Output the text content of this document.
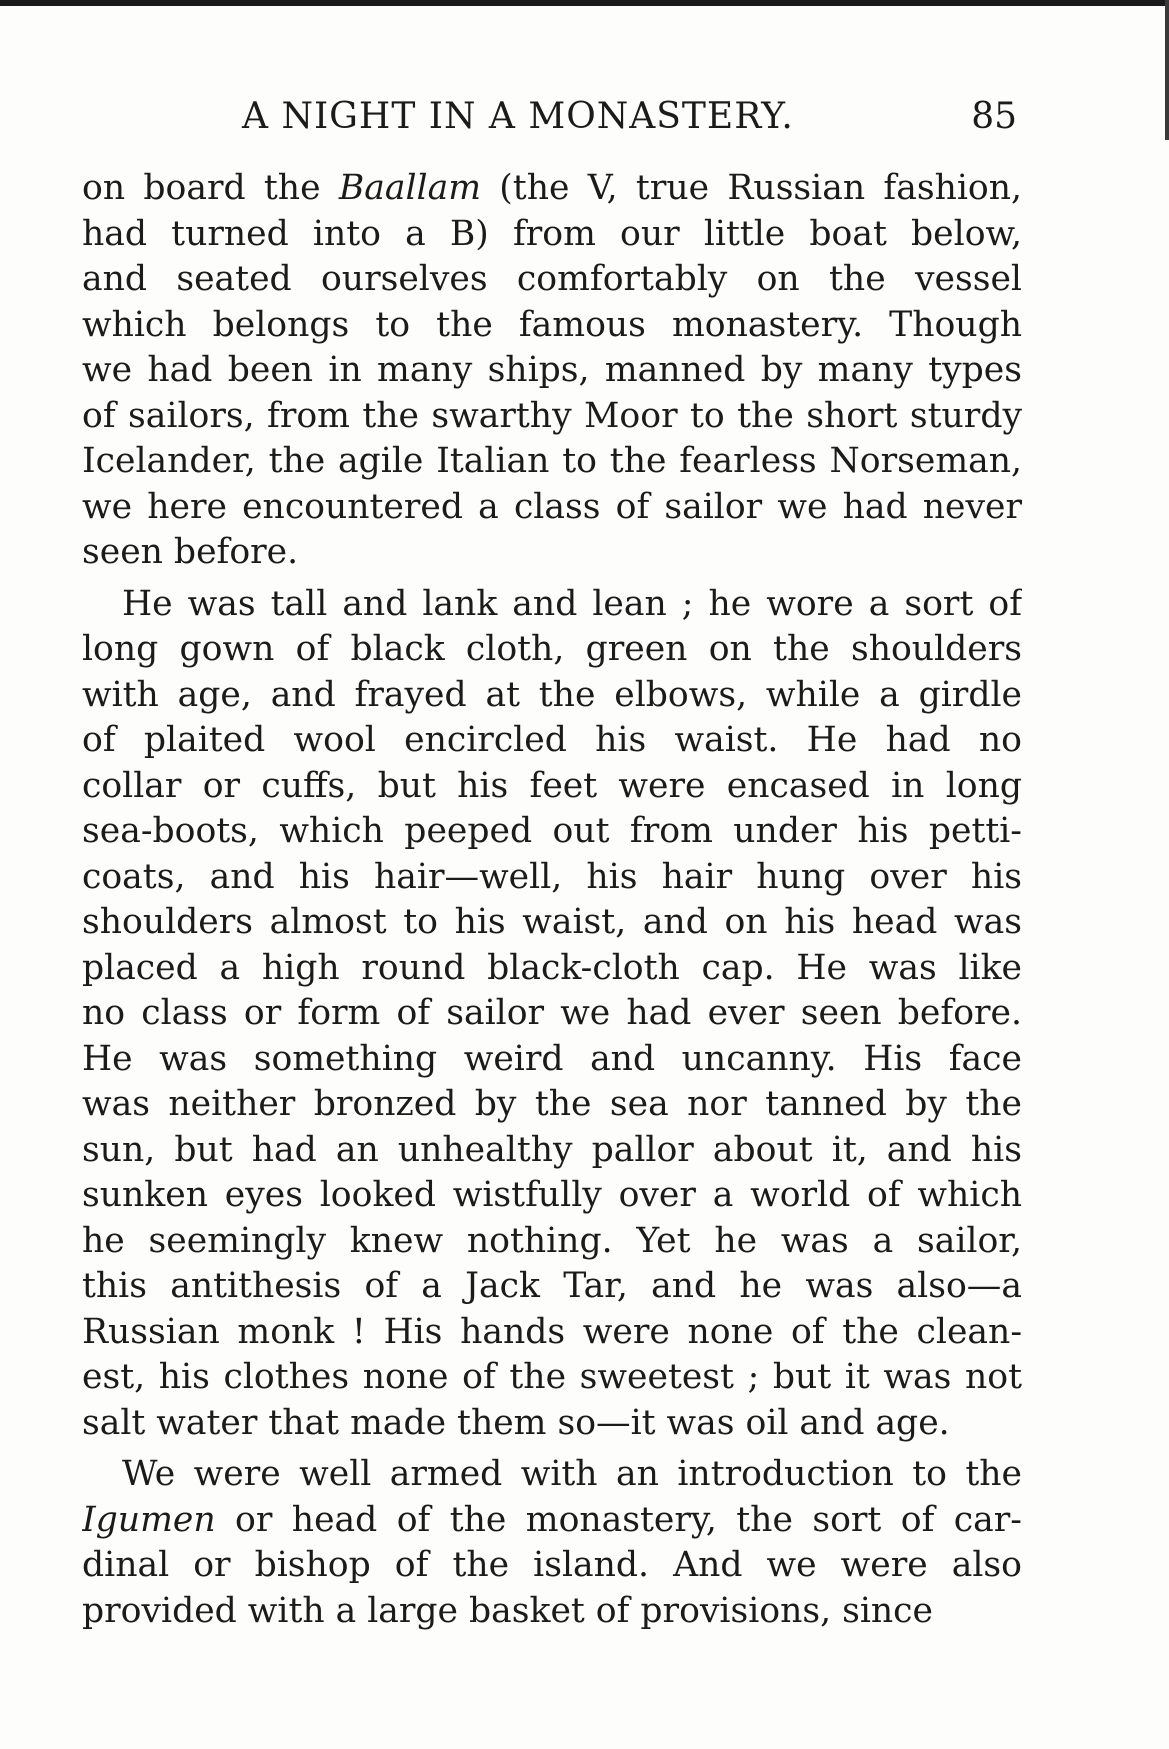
A NIGHT IN A MONASTERY.	85
on board the Baallam (the V, true Russian fashion,
had turned into a B) from our little boat below,
and seated ourselves comfortably on the vessel
which belongs to the famous monastery. Though
we had been in many ships, manned by many types
of sailors, from the swarthy Moor to the short sturdy
Icelander, the agile Italian to the fearless Norseman,
we here encountered a class of sailor we had never
seen before.
He was tall and lank and lean ; he wore a sort of
long gown of black cloth, green on the shoulders
with age, and frayed at the elbows, while a girdle
of plaited wool encircled his waist. He had no
collar or cuffs, but his feet were encased in long
sea-boots, which peeped out from under his petti-
coats, and his hair—well, his hair hung over his
shoulders almost to his waist, and on his head was
placed a high round black-cloth cap. He was like
no class or form of sailor we had ever seen before.
He was something weird and uncanny. His face
was neither bronzed by the sea nor tanned by the
sun, but had an unhealthy pallor about it, and his
sunken eyes looked wistfully over a world of which
he seemingly knew nothing. Yet he was a sailor,
this antithesis of a Jack Tar, and he was also—a
Russian monk ! His hands were none of the clean-
est, his clothes none of the sweetest ; but it was not
salt water that made them so—it was oil and age.
We were well armed with an introduction to the
Igumen or head of the monastery, the sort of car-
dinal or bishop of the island. And we were also
provided with a large basket of provisions, since
